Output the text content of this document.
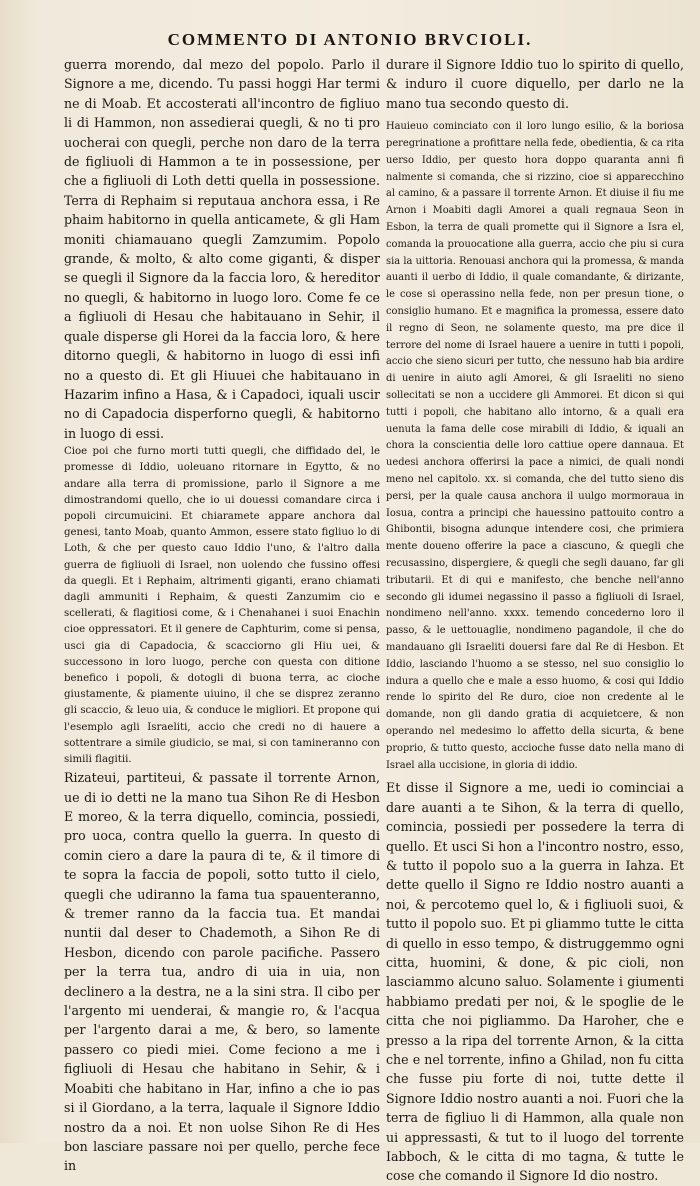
COMMENTO DI ANTONIO BRVCIOLI.

guerra morendo, dal mezo del popolo. Parlo il Signore a me, dicendo. Tu passi hoggi Har termi ne di Moab. Et accosterati all'incontro de figliuo li di Hammon, non assedierai quegli, & no ti pro uocherai con quegli, perche non daro de la terra de figliuoli di Hammon a te in possessione, per che a figliuoli di Loth detti quella in possessione. Terra di Rephaim si reputaua anchora essa, i Re phaim habitorno in quella anticamete, & gli Ham moniti chiamauano quegli Zamzumim. Popolo grande, & molto, & alto come giganti, & disper se quegli il Signore da la faccia loro, & hereditor no quegli, & habitorno in luogo loro. Come fe ce a figliuoli di Hesau che habitauano in Sehir, il quale disperse gli Horei da la faccia loro, & here ditorno quegli, & habitorno in luogo di essi infi no a questo di. Et gli Hiuuei che habitauano in Hazarim infino a Hasa, & i Capadoci, iquali uscir no di Capadocia disperforno quegli, & habitorno in luogo di essi.

Cioe poi che furno morti tutti quegli, che diffidado del, le promesse di Iddio, uoleuano ritornare in Egytto, & no andare alla terra di promissione, parlo il Signore a me dimostrandomi quello, che io ui douessi comandare circa i popoli circumuicini. Et chiaramete appare anchora dal genesi, tanto Moab, quanto Ammon, essere stato figliuo lo di Loth, & che per questo cauo Iddio l'uno, & l'altro dalla guerra de figliuoli di Israel, non uolendo che fussino offesi da quegli. Et i Rephaim, altrimenti giganti, erano chiamati dagli ammuniti i Rephaim, & questi Zanzumim cio e scellerati, & flagitiosi come, & i Chenahanei i suoi Enachin cioe oppressatori. Et il genere de Caphturim, come si pensa, usci gia di Capadocia, & scacciorno gli Hiu uei, & successono in loro luogo, perche con questa con ditione benefico i popoli, & dotogli di buona terra, ac cioche giustamente, & piamente uiuino, il che se disprez zeranno gli scaccio, & leuo uia, & conduce le migliori. Et propone qui l'esemplo agli Israeliti, accio che credi no di hauere a sottentrare a simile giudicio, se mai, si con tamineranno con simili flagitii.

Rizateui, partiteui, & passate il torrente Arnon, ue di io detti ne la mano tua Sihon Re di Hesbon E moreo, & la terra diquello, comincia, possiedi, pro uoca, contra quello la guerra. In questo di comin ciero a dare la paura di te, & il timore di te sopra la faccia de popoli, sotto tutto il cielo, quegli che udiranno la fama tua spauenteranno, & tremer ranno da la faccia tua. Et mandai nuntii dal deser to Chademoth, a Sihon Re di Hesbon, dicendo con parole pacifiche. Passero per la terra tua, andro di uia in uia, non declinero a la destra, ne a la sini stra. Il cibo per l'argento mi uenderai, & mangie ro, & l'acqua per l'argento darai a me, & bero, so lamente passero co piedi miei. Come feciono a me i figliuoli di Hesau che habitano in Sehir, & i Moabiti che habitano in Har, infino a che io pas si il Giordano, a la terra, laquale il Signore Iddio nostro da a noi. Et non uolse Sihon Re di Hes bon lasciare passare noi per quello, perche fece in

durare il Signore Iddio tuo lo spirito di quello, & induro il cuore diquello, per darlo ne la mano tua secondo questo di.

Hauieuo cominciato con il loro lungo esilio, & la boriosa peregrinatione a profittare nella fede, obedientia, & ca rita uerso Iddio, per questo hora doppo quaranta anni fi nalmente si comanda, che si rizzino, cioe si apparecchino al camino, & a passare il torrente Arnon. Et diuise il fiu me Arnon i Moabiti dagli Amorei a quali regnaua Seon in Esbon, la terra de quali promette qui il Signore a Isra el, comanda la prouocatione alla guerra, accio che piu si cura sia la uittoria. Renouasi anchora qui la promessa, & manda auanti il uerbo di Iddio, il quale comandante, & dirizante, le cose si operassino nella fede, non per presun tione, o consiglio humano. Et e magnifica la promessa, essere dato il regno di Seon, ne solamente questo, ma pre dice il terrore del nome di Israel hauere a uenire in tutti i popoli, accio che sieno sicuri per tutto, che nessuno hab bia ardire di uenire in aiuto agli Amorei, & gli Israeliti no sieno sollecitati se non a uccidere gli Ammorei. Et dicon si qui tutti i popoli, che habitano allo intorno, & a quali era uenuta la fama delle cose mirabili di Iddio, & iquali an chora la conscientia delle loro cattiue opere dannaua. Et uedesi anchora offerirsi la pace a nimici, de quali nondi meno nel capitolo. xx. si comanda, che del tutto sieno dis persi, per la quale causa anchora il uulgo mormoraua in Iosua, contra a principi che hauessino pattouito contro a Ghibontii, bisogna adunque intendere cosi, che primiera mente doueno offerire la pace a ciascuno, & quegli che recusassino, dispergiere, & quegli che segli dauano, far gli tributarii. Et di qui e manifesto, che benche nell'anno secondo gli idumei negassino il passo a figliuoli di Israel, nondimeno nell'anno. xxxx. temendo concederno loro il passo, & le uettouaglie, nondimeno pagandole, il che do mandauano gli Israeliti douersi fare dal Re di Hesbon. Et Iddio, lasciando l'huomo a se stesso, nel suo consiglio lo indura a quello che e male a esso huomo, & cosi qui Iddio rende lo spirito del Re duro, cioe non credente al le domande, non gli dando gratia di acquietcere, & non operando nel medesimo lo affetto della sicurta, & bene proprio, & tutto questo, accioche fusse dato nella mano di Israel alla uccisione, in gloria di iddio.

Et disse il Signore a me, uedi io cominciai a dare auanti a te Sihon, & la terra di quello, comincia, possiedi per possedere la terra di quello. Et usci Si hon a l'incontro nostro, esso, & tutto il popolo suo a la guerra in Iahza. Et dette quello il Signo re Iddio nostro auanti a noi, & percotemo quel lo, & i figliuoli suoi, & tutto il popolo suo. Et pi gliammo tutte le citta di quello in esso tempo, & distruggemmo ogni citta, huomini, & done, & pic cioli, non lasciammo alcuno saluo. Solamente i giumenti habbiamo predati per noi, & le spoglie de le citta che noi pigliammo. Da Haroher, che e presso a la ripa del torrente Arnon, & la citta che e nel torrente, infino a Ghilad, non fu citta che fusse piu forte di noi, tutte dette il Signore Iddio nostro auanti a noi. Fuori che la terra de figliuo li di Hammon, alla quale non ui appressasti, & tut to il luogo del torrente Iabboch, & le citta di mo tagna, & tutte le cose che comando il Signore Id dio nostro.
